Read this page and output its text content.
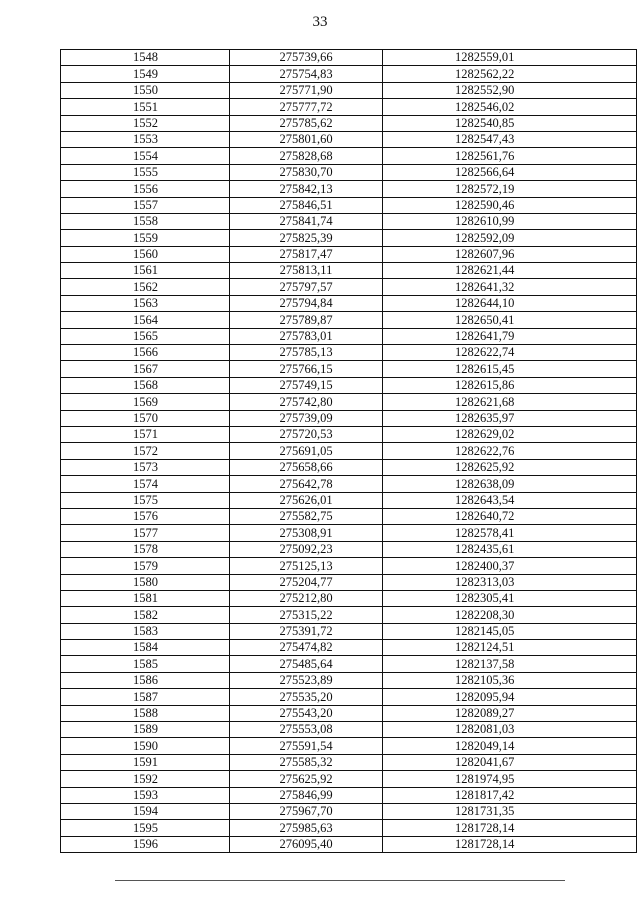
33
1548	275739,66	1282559,01
1549	275754,83	1282562,22
1550	275771,90	1282552,90
1551	275777,72	1282546,02
1552	275785,62	1282540,85
1553	275801,60	1282547,43
1554	275828,68	1282561,76
1555	275830,70	1282566,64
1556	275842,13	1282572,19
1557	275846,51	1282590,46
1558	275841,74	1282610,99
1559	275825,39	1282592,09
1560	275817,47	1282607,96
1561	275813,11	1282621,44
1562	275797,57	1282641,32
1563	275794,84	1282644,10
1564	275789,87	1282650,41
1565	275783,01	1282641,79
1566	275785,13	1282622,74
1567	275766,15	1282615,45
1568	275749,15	1282615,86
1569	275742,80	1282621,68
1570	275739,09	1282635,97
1571	275720,53	1282629,02
1572	275691,05	1282622,76
1573	275658,66	1282625,92
1574	275642,78	1282638,09
1575	275626,01	1282643,54
1576	275582,75	1282640,72
1577	275308,91	1282578,41
1578	275092,23	1282435,61
1579	275125,13	1282400,37
1580	275204,77	1282313,03
1581	275212,80	1282305,41
1582	275315,22	1282208,30
1583	275391,72	1282145,05
1584	275474,82	1282124,51
1585	275485,64	1282137,58
1586	275523,89	1282105,36
1587	275535,20	1282095,94
1588	275543,20	1282089,27
1589	275553,08	1282081,03
1590	275591,54	1282049,14
1591	275585,32	1282041,67
1592	275625,92	1281974,95
1593	275846,99	1281817,42
1594	275967,70	1281731,35
1595	275985,63	1281728,14
1596	276095,40	1281728,14
